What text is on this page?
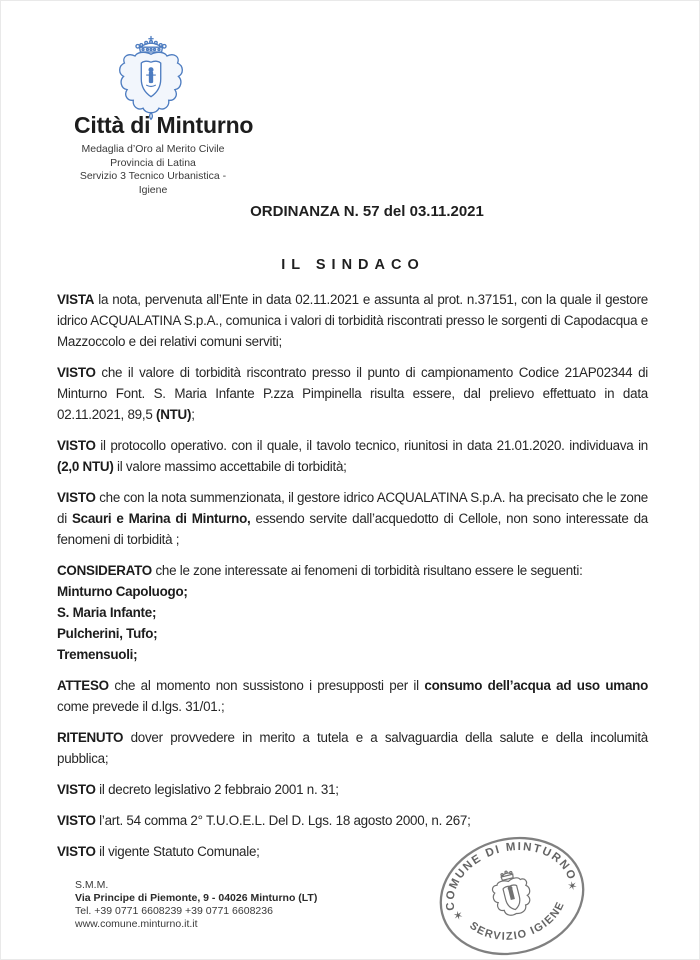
Città di Minturno
Medaglia d’Oro al Merito Civile
Provincia di Latina
Servizio 3 Tecnico Urbanistica - Igiene
ORDINANZA N. 57 del 03.11.2021
IL SINDACO

VISTA la nota, pervenuta all’Ente in data 02.11.2021 e assunta al prot. n.37151, con la quale il gestore idrico ACQUALATINA S.p.A., comunica i valori di torbidità riscontrati presso le sorgenti di Capodacqua e Mazzoccolo e dei relativi comuni serviti;

VISTO che il valore di torbidità riscontrato presso il punto di campionamento Codice 21AP02344 di Minturno Font. S. Maria Infante P.zza Pimpinella risulta essere, dal prelievo effettuato in data 02.11.2021, 89,5 (NTU);

VISTO il protocollo operativo. con il quale, il tavolo tecnico, riunitosi in data 21.01.2020. individuava in (2,0 NTU) il valore massimo accettabile di torbidità;

VISTO che con la nota summenzionata, il gestore idrico ACQUALATINA S.p.A. ha precisato che le zone di Scauri e Marina di Minturno, essendo servite dall’acquedotto di Cellole, non sono interessate da fenomeni di torbidità ;

CONSIDERATO che le zone interessate ai fenomeni di torbidità risultano essere le seguenti:
Minturno Capoluogo;
S. Maria Infante;
Pulcherini, Tufo;
Tremensuoli;

ATTESO che al momento non sussistono i presupposti per il consumo dell’acqua ad uso umano come prevede il d.lgs. 31/01.;

RITENUTO dover provvedere in merito a tutela e a salvaguardia della salute e della incolumità pubblica;

VISTO il decreto legislativo 2 febbraio 2001 n. 31;

VISTO l’art. 54 comma 2° T.U.O.E.L. Del D. Lgs. 18 agosto 2000, n. 267;

VISTO il vigente Statuto Comunale;

S.M.M.
Via Principe di Piemonte, 9 - 04026 Minturno (LT)
Tel. +39 0771 6608239 +39 0771 6608236
www.comune.minturno.it.it
COMUNE DI MINTURNO
SERVIZIO IGIENE
✶
✶
